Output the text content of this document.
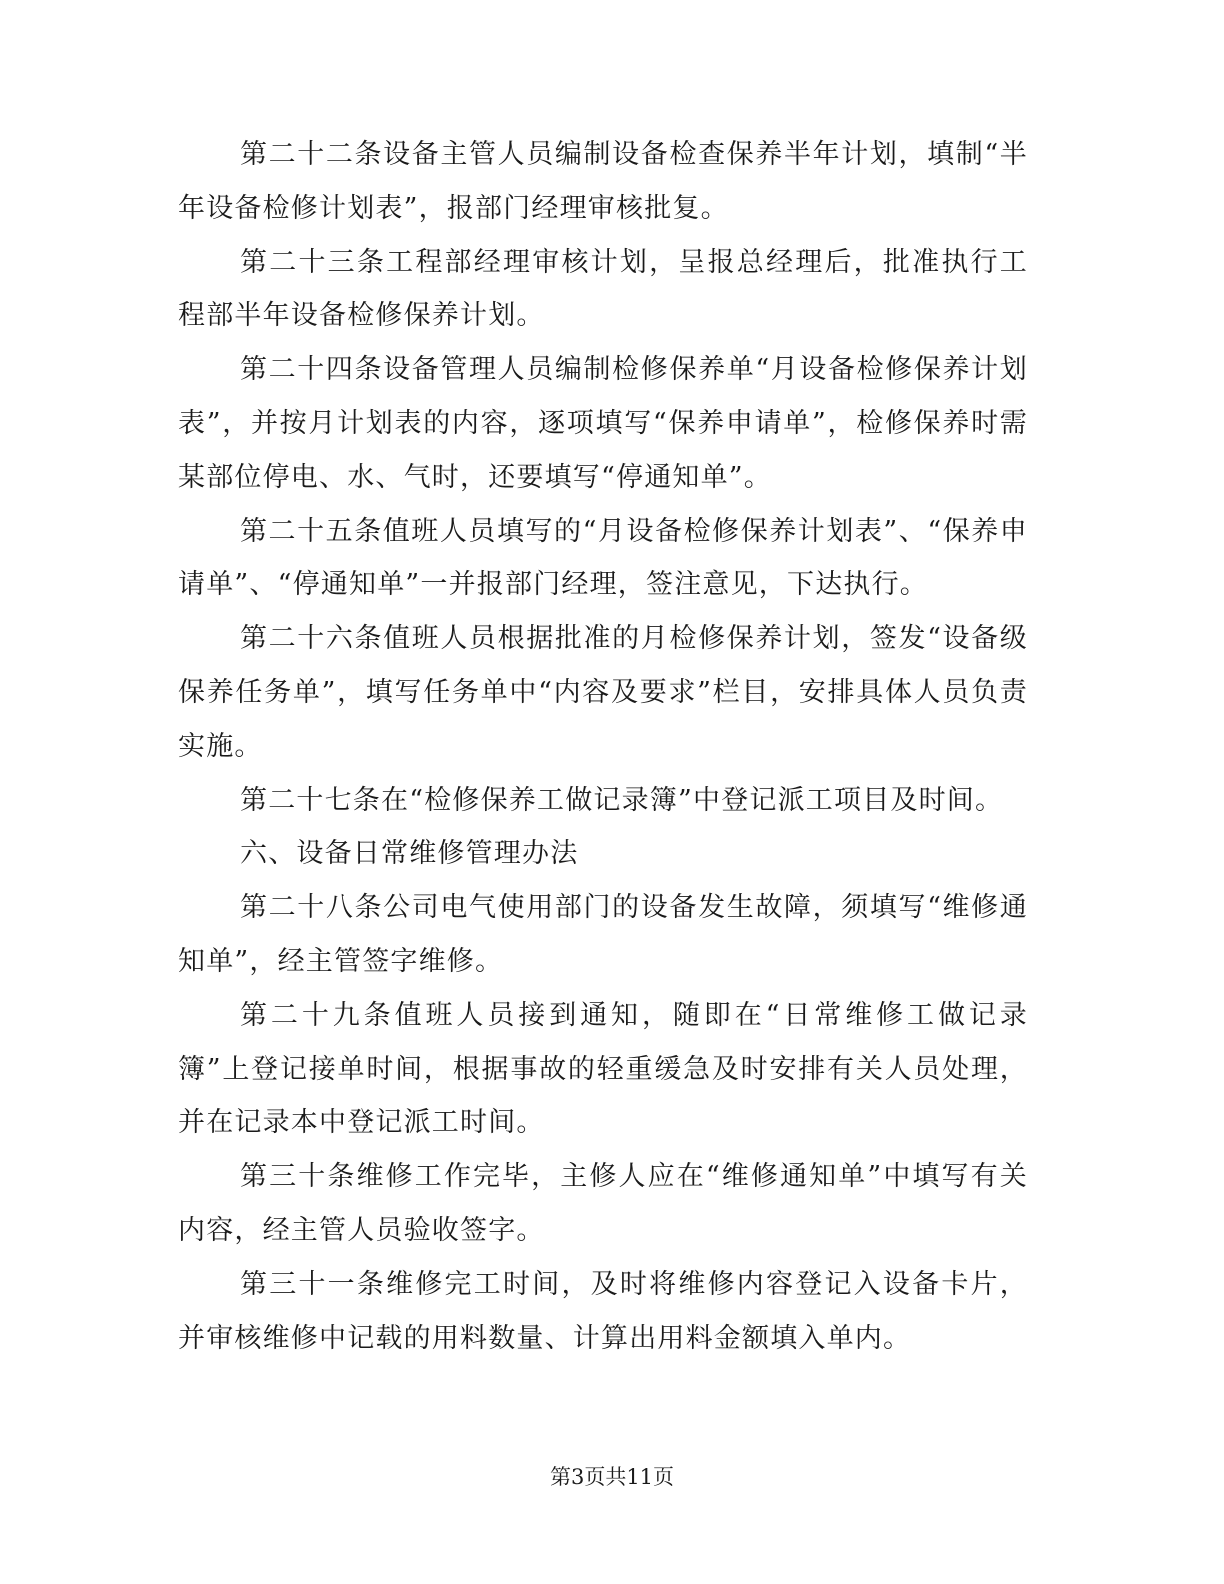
第二十二条设备主管人员编制设备检查保养半年计划，填制“半年设备检修计划表”，报部门经理审核批复。

第二十三条工程部经理审核计划，呈报总经理后，批准执行工程部半年设备检修保养计划。

第二十四条设备管理人员编制检修保养单“月设备检修保养计划表”，并按月计划表的内容，逐项填写“保养申请单”，检修保养时需某部位停电、水、气时，还要填写“停通知单”。

第二十五条值班人员填写的“月设备检修保养计划表”、“保养申请单”、“停通知单”一并报部门经理，签注意见，下达执行。

第二十六条值班人员根据批准的月检修保养计划，签发“设备级保养任务单”，填写任务单中“内容及要求”栏目，安排具体人员负责实施。

第二十七条在“检修保养工做记录簿”中登记派工项目及时间。

六、设备日常维修管理办法

第二十八条公司电气使用部门的设备发生故障，须填写“维修通知单”，经主管签字维修。

第二十九条值班人员接到通知，随即在“日常维修工做记录簿”上登记接单时间，根据事故的轻重缓急及时安排有关人员处理，并在记录本中登记派工时间。

第三十条维修工作完毕，主修人应在“维修通知单”中填写有关内容，经主管人员验收签字。

第三十一条维修完工时间，及时将维修内容登记入设备卡片，并审核维修中记载的用料数量、计算出用料金额填入单内。

第3页共11页
